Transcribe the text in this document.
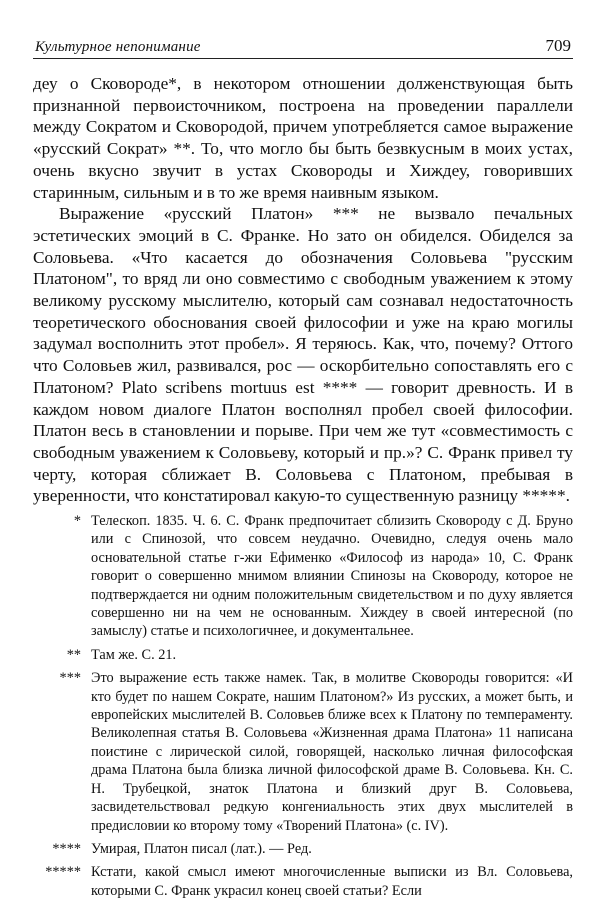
Культурное непонимание	709

деу о Сковороде*, в некотором отношении долженствующая быть признанной первоисточником, построена на проведении параллели между Сократом и Сковородой, причем употребляется самое выражение «русский Сократ» **. То, что могло бы быть безвкусным в моих устах, очень вкусно звучит в устах Сковороды и Хиждеу, говоривших старинным, сильным и в то же время наивным языком.

Выражение «русский Платон» *** не вызвало печальных эстетических эмоций в С. Франке. Но зато он обиделся. Обиделся за Соловьева. «Что касается до обозначения Соловьева "русским Платоном", то вряд ли оно совместимо с свободным уважением к этому великому русскому мыслителю, который сам сознавал недостаточность теоретического обоснования своей философии и уже на краю могилы задумал восполнить этот пробел». Я теряюсь. Как, что, почему? Оттого что Соловьев жил, развивался, рос — оскорбительно сопоставлять его с Платоном? Plato scribens mortuus est **** — говорит древность. И в каждом новом диалоге Платон восполнял пробел своей философии. Платон весь в становлении и порыве. При чем же тут «совместимость с свободным уважением к Соловьеву, который и пр.»? С. Франк привел ту черту, которая сближает В. Соловьева с Платоном, пребывая в уверенности, что констатировал какую-то существенную разницу *****.

* Телескоп. 1835. Ч. 6. С. Франк предпочитает сблизить Сковороду с Д. Бруно или с Спинозой, что совсем неудачно. Очевидно, следуя очень мало основательной статье г-жи Ефименко «Философ из народа» 10, С. Франк говорит о совершенно мнимом влиянии Спинозы на Сковороду, которое не подтверждается ни одним положительным свидетельством и по духу является совершенно ни на чем не основанным. Хиждеу в своей интересной (по замыслу) статье и психологичнее, и документальнее.
** Там же. С. 21.
*** Это выражение есть также намек. Так, в молитве Сковороды говорится: «И кто будет по нашем Сократе, нашим Платоном?» Из русских, а может быть, и европейских мыслителей В. Соловьев ближе всех к Платону по темпераменту. Великолепная статья В. Соловьева «Жизненная драма Платона» 11 написана поистине с лирической силой, говорящей, насколько личная философская драма Платона была близка личной философской драме В. Соловьева. Кн. С. Н. Трубецкой, знаток Платона и близкий друг В. Соловьева, засвидетельствовал редкую конгениальность этих двух мыслителей в предисловии ко второму тому «Творений Платона» (с. IV).
**** Умирая, Платон писал (лат.). — Ред.
***** Кстати, какой смысл имеют многочисленные выписки из Вл. Соловьева, которыми С. Франк украсил конец своей статьи? Если
